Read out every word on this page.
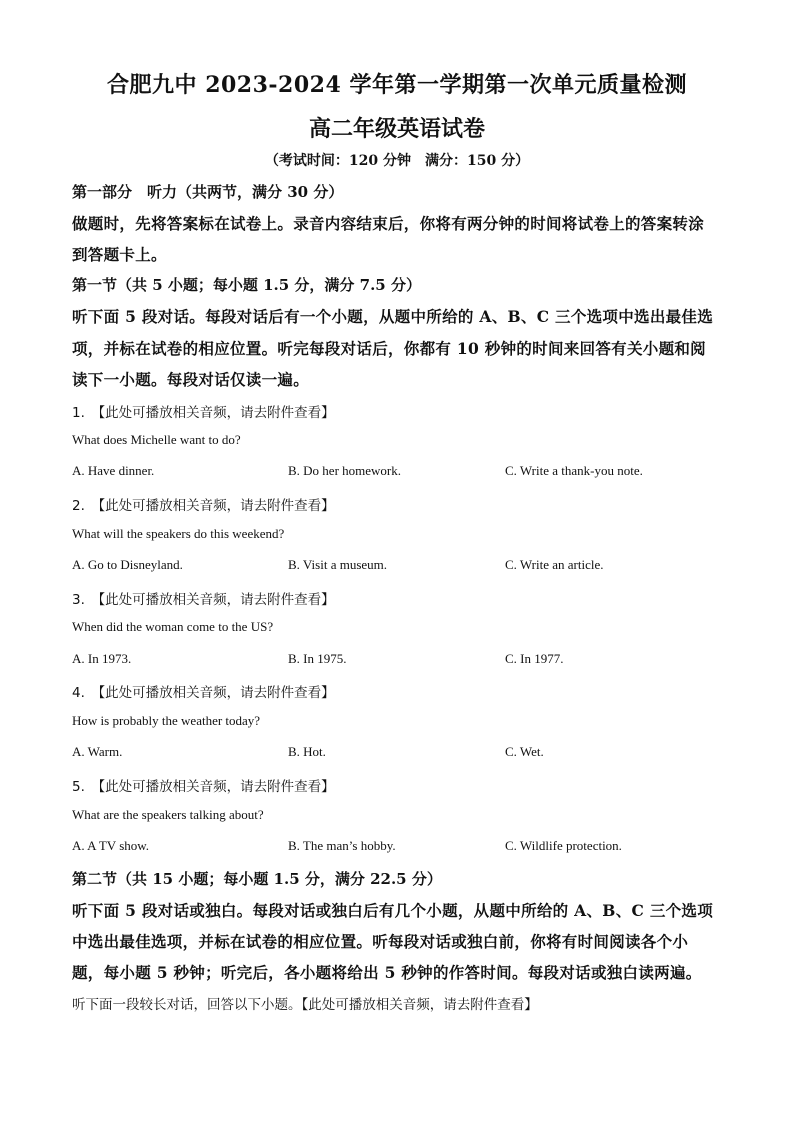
合肥九中 2023-2024 学年第一学期第一次单元质量检测
高二年级英语试卷
（考试时间：120 分钟　满分：150 分）
第一部分　听力（共两节，满分 30 分）
做题时，先将答案标在试卷上。录音内容结束后，你将有两分钟的时间将试卷上的答案转涂
到答题卡上。
第一节（共 5 小题；每小题 1.5 分，满分 7.5 分）
听下面 5 段对话。每段对话后有一个小题，从题中所给的 A、B、C 三个选项中选出最佳选
项，并标在试卷的相应位置。听完每段对话后，你都有 10 秒钟的时间来回答有关小题和阅
读下一小题。每段对话仅读一遍。
1.　【此处可播放相关音频，请去附件查看】
What does Michelle want to do?
A. Have dinner.	B. Do her homework.	C. Write a thank-you note.
2.　【此处可播放相关音频，请去附件查看】
What will the speakers do this weekend?
A. Go to Disneyland.	B. Visit a museum.	C. Write an article.
3.　【此处可播放相关音频，请去附件查看】
When did the woman come to the US?
A. In 1973.	B. In 1975.	C. In 1977.
4.　【此处可播放相关音频，请去附件查看】
How is probably the weather today?
A. Warm.	B. Hot.	C. Wet.
5.　【此处可播放相关音频，请去附件查看】
What are the speakers talking about?
A. A TV show.	B. The man’s hobby.	C. Wildlife protection.
第二节（共 15 小题；每小题 1.5 分，满分 22.5 分）
听下面 5 段对话或独白。每段对话或独白后有几个小题，从题中所给的 A、B、C 三个选项
中选出最佳选项，并标在试卷的相应位置。听每段对话或独白前，你将有时间阅读各个小
题，每小题 5 秒钟；听完后，各小题将给出 5 秒钟的作答时间。每段对话或独白读两遍。
听下面一段较长对话，回答以下小题。【此处可播放相关音频，请去附件查看】
